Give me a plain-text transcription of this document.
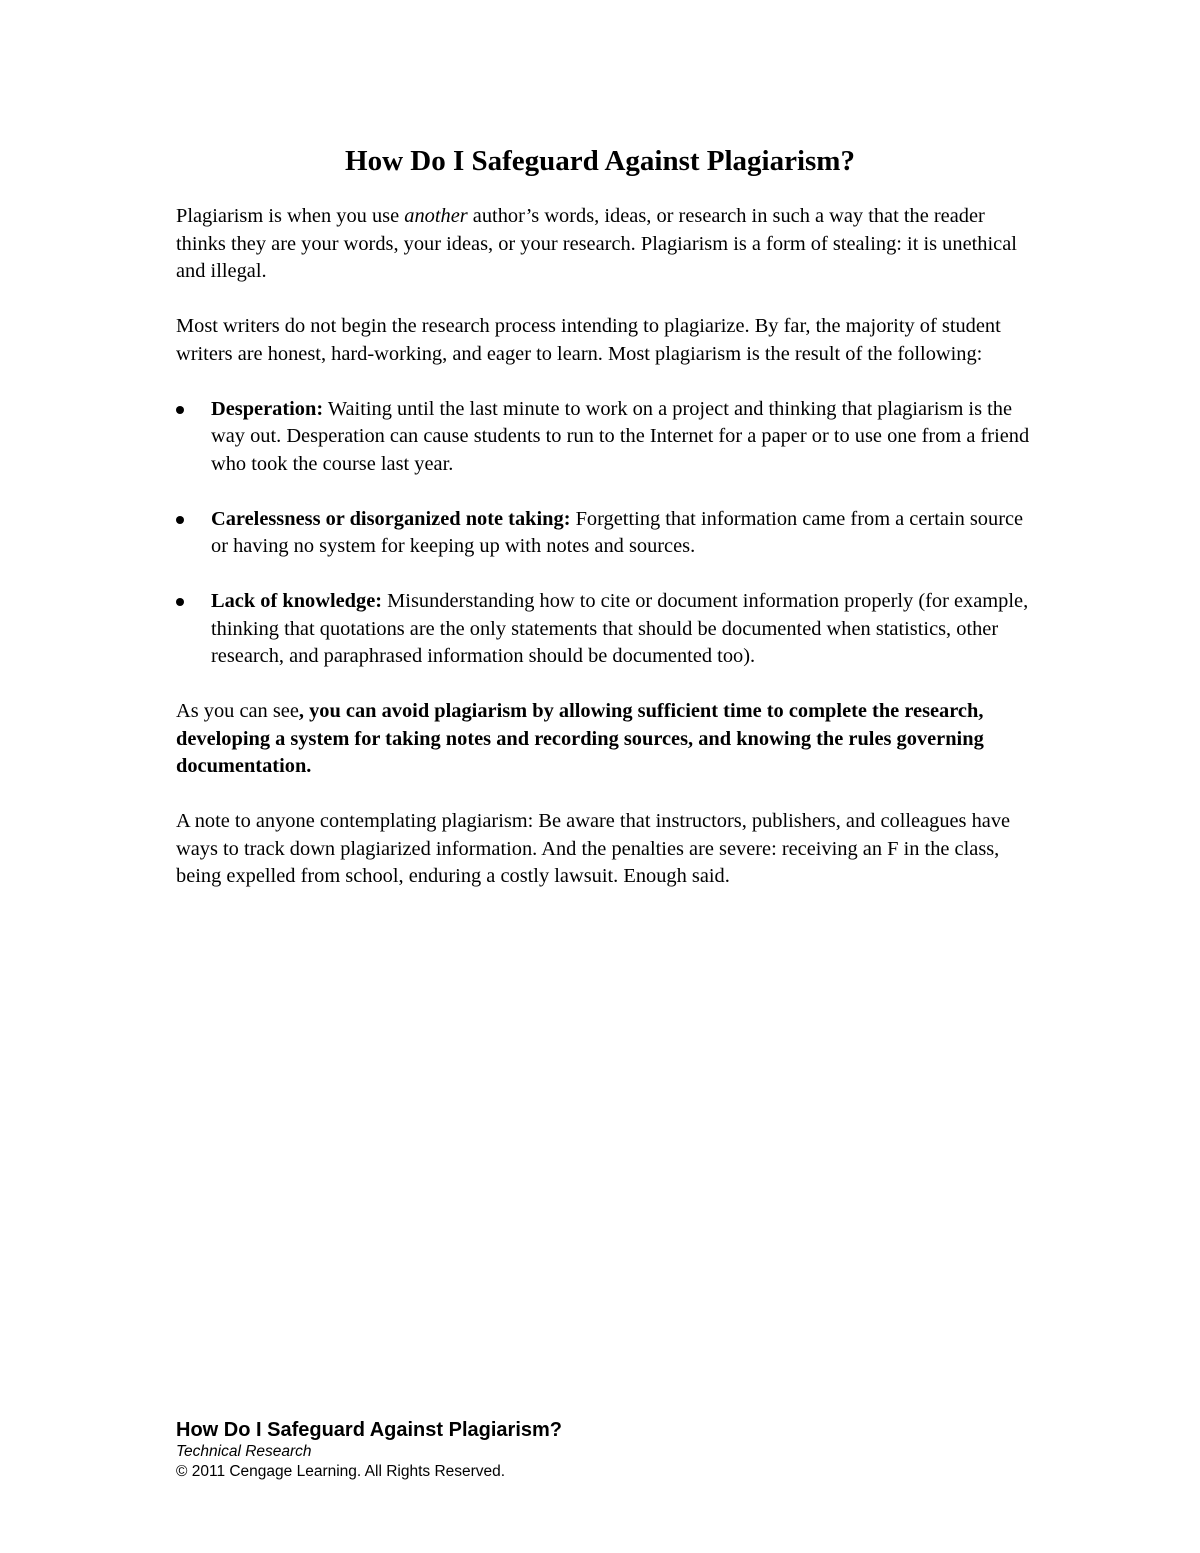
How Do I Safeguard Against Plagiarism?

Plagiarism is when you use another author’s words, ideas, or research in such a way that the reader thinks they are your words, your ideas, or your research. Plagiarism is a form of stealing: it is unethical and illegal.

Most writers do not begin the research process intending to plagiarize. By far, the majority of student writers are honest, hard-working, and eager to learn. Most plagiarism is the result of the following:

Desperation: Waiting until the last minute to work on a project and thinking that plagiarism is the way out. Desperation can cause students to run to the Internet for a paper or to use one from a friend who took the course last year.
Carelessness or disorganized note taking: Forgetting that information came from a certain source or having no system for keeping up with notes and sources.
Lack of knowledge: Misunderstanding how to cite or document information properly (for example, thinking that quotations are the only statements that should be documented when statistics, other research, and paraphrased information should be documented too).

As you can see, you can avoid plagiarism by allowing sufficient time to complete the research, developing a system for taking notes and recording sources, and knowing the rules governing documentation.

A note to anyone contemplating plagiarism: Be aware that instructors, publishers, and colleagues have ways to track down plagiarized information. And the penalties are severe: receiving an F in the class, being expelled from school, enduring a costly lawsuit. Enough said.

How Do I Safeguard Against Plagiarism?
Technical Research
© 2011 Cengage Learning. All Rights Reserved.
